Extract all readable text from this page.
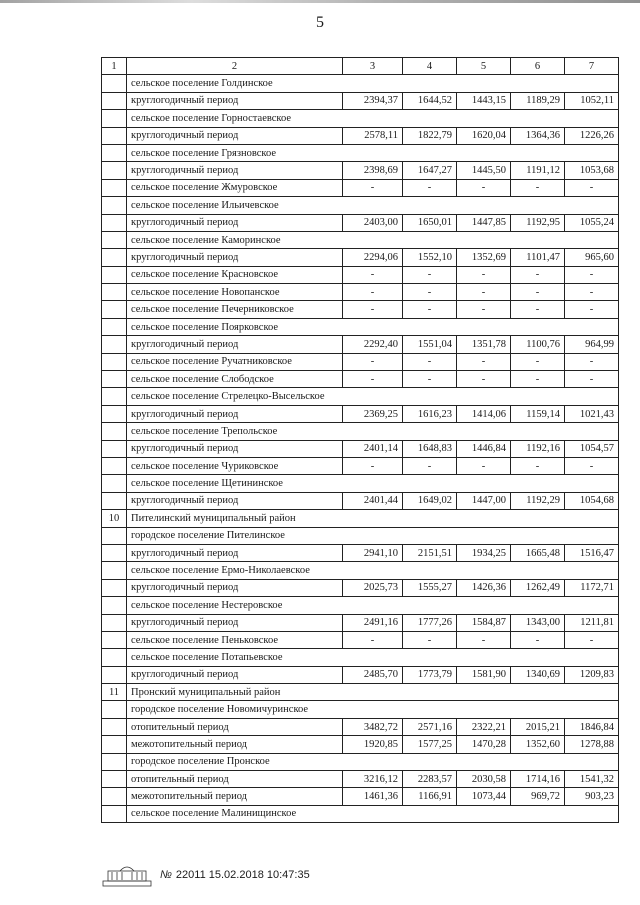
5
1	2	3	4	5	6	7
	сельское поселение Голдинское					
	круглогодичный период	2394,37	1644,52	1443,15	1189,29	1052,11
	сельское поселение Горностаевское					
	круглогодичный период	2578,11	1822,79	1620,04	1364,36	1226,26
	сельское поселение Грязновское					
	круглогодичный период	2398,69	1647,27	1445,50	1191,12	1053,68
	сельское поселение Жмуровское	-	-	-	-	-
	сельское поселение Ильичевское					
	круглогодичный период	2403,00	1650,01	1447,85	1192,95	1055,24
	сельское поселение Каморинское					
	круглогодичный период	2294,06	1552,10	1352,69	1101,47	965,60
	сельское поселение Красновское	-	-	-	-	-
	сельское поселение Новопанское	-	-	-	-	-
	сельское поселение Печерниковское	-	-	-	-	-
	сельское поселение Поярковское					
	круглогодичный период	2292,40	1551,04	1351,78	1100,76	964,99
	сельское поселение Ручатниковское	-	-	-	-	-
	сельское поселение Слободское	-	-	-	-	-
	сельское поселение Стрелецко-Высельское					
	круглогодичный период	2369,25	1616,23	1414,06	1159,14	1021,43
	сельское поселение Трепольское					
	круглогодичный период	2401,14	1648,83	1446,84	1192,16	1054,57
	сельское поселение Чуриковское	-	-	-	-	-
	сельское поселение Щетининское					
	круглогодичный период	2401,44	1649,02	1447,00	1192,29	1054,68
10	Пителинский муниципальный район					
	городское поселение Пителинское					
	круглогодичный период	2941,10	2151,51	1934,25	1665,48	1516,47
	сельское поселение Ермо-Николаевское					
	круглогодичный период	2025,73	1555,27	1426,36	1262,49	1172,71
	сельское поселение Нестеровское					
	круглогодичный период	2491,16	1777,26	1584,87	1343,00	1211,81
	сельское поселение Пеньковское	-	-	-	-	-
	сельское поселение Потапьевское					
	круглогодичный период	2485,70	1773,79	1581,90	1340,69	1209,83
11	Пронский муниципальный район					
	городское поселение Новомичуринское					
	отопительный период	3482,72	2571,16	2322,21	2015,21	1846,84
	межотопительный период	1920,85	1577,25	1470,28	1352,60	1278,88
	городское поселение Пронское					
	отопительный период	3216,12	2283,57	2030,58	1714,16	1541,32
	межотопительный период	1461,36	1166,91	1073,44	969,72	903,23
	сельское поселение Малинищинское					
№ 22011 15.02.2018 10:47:35
